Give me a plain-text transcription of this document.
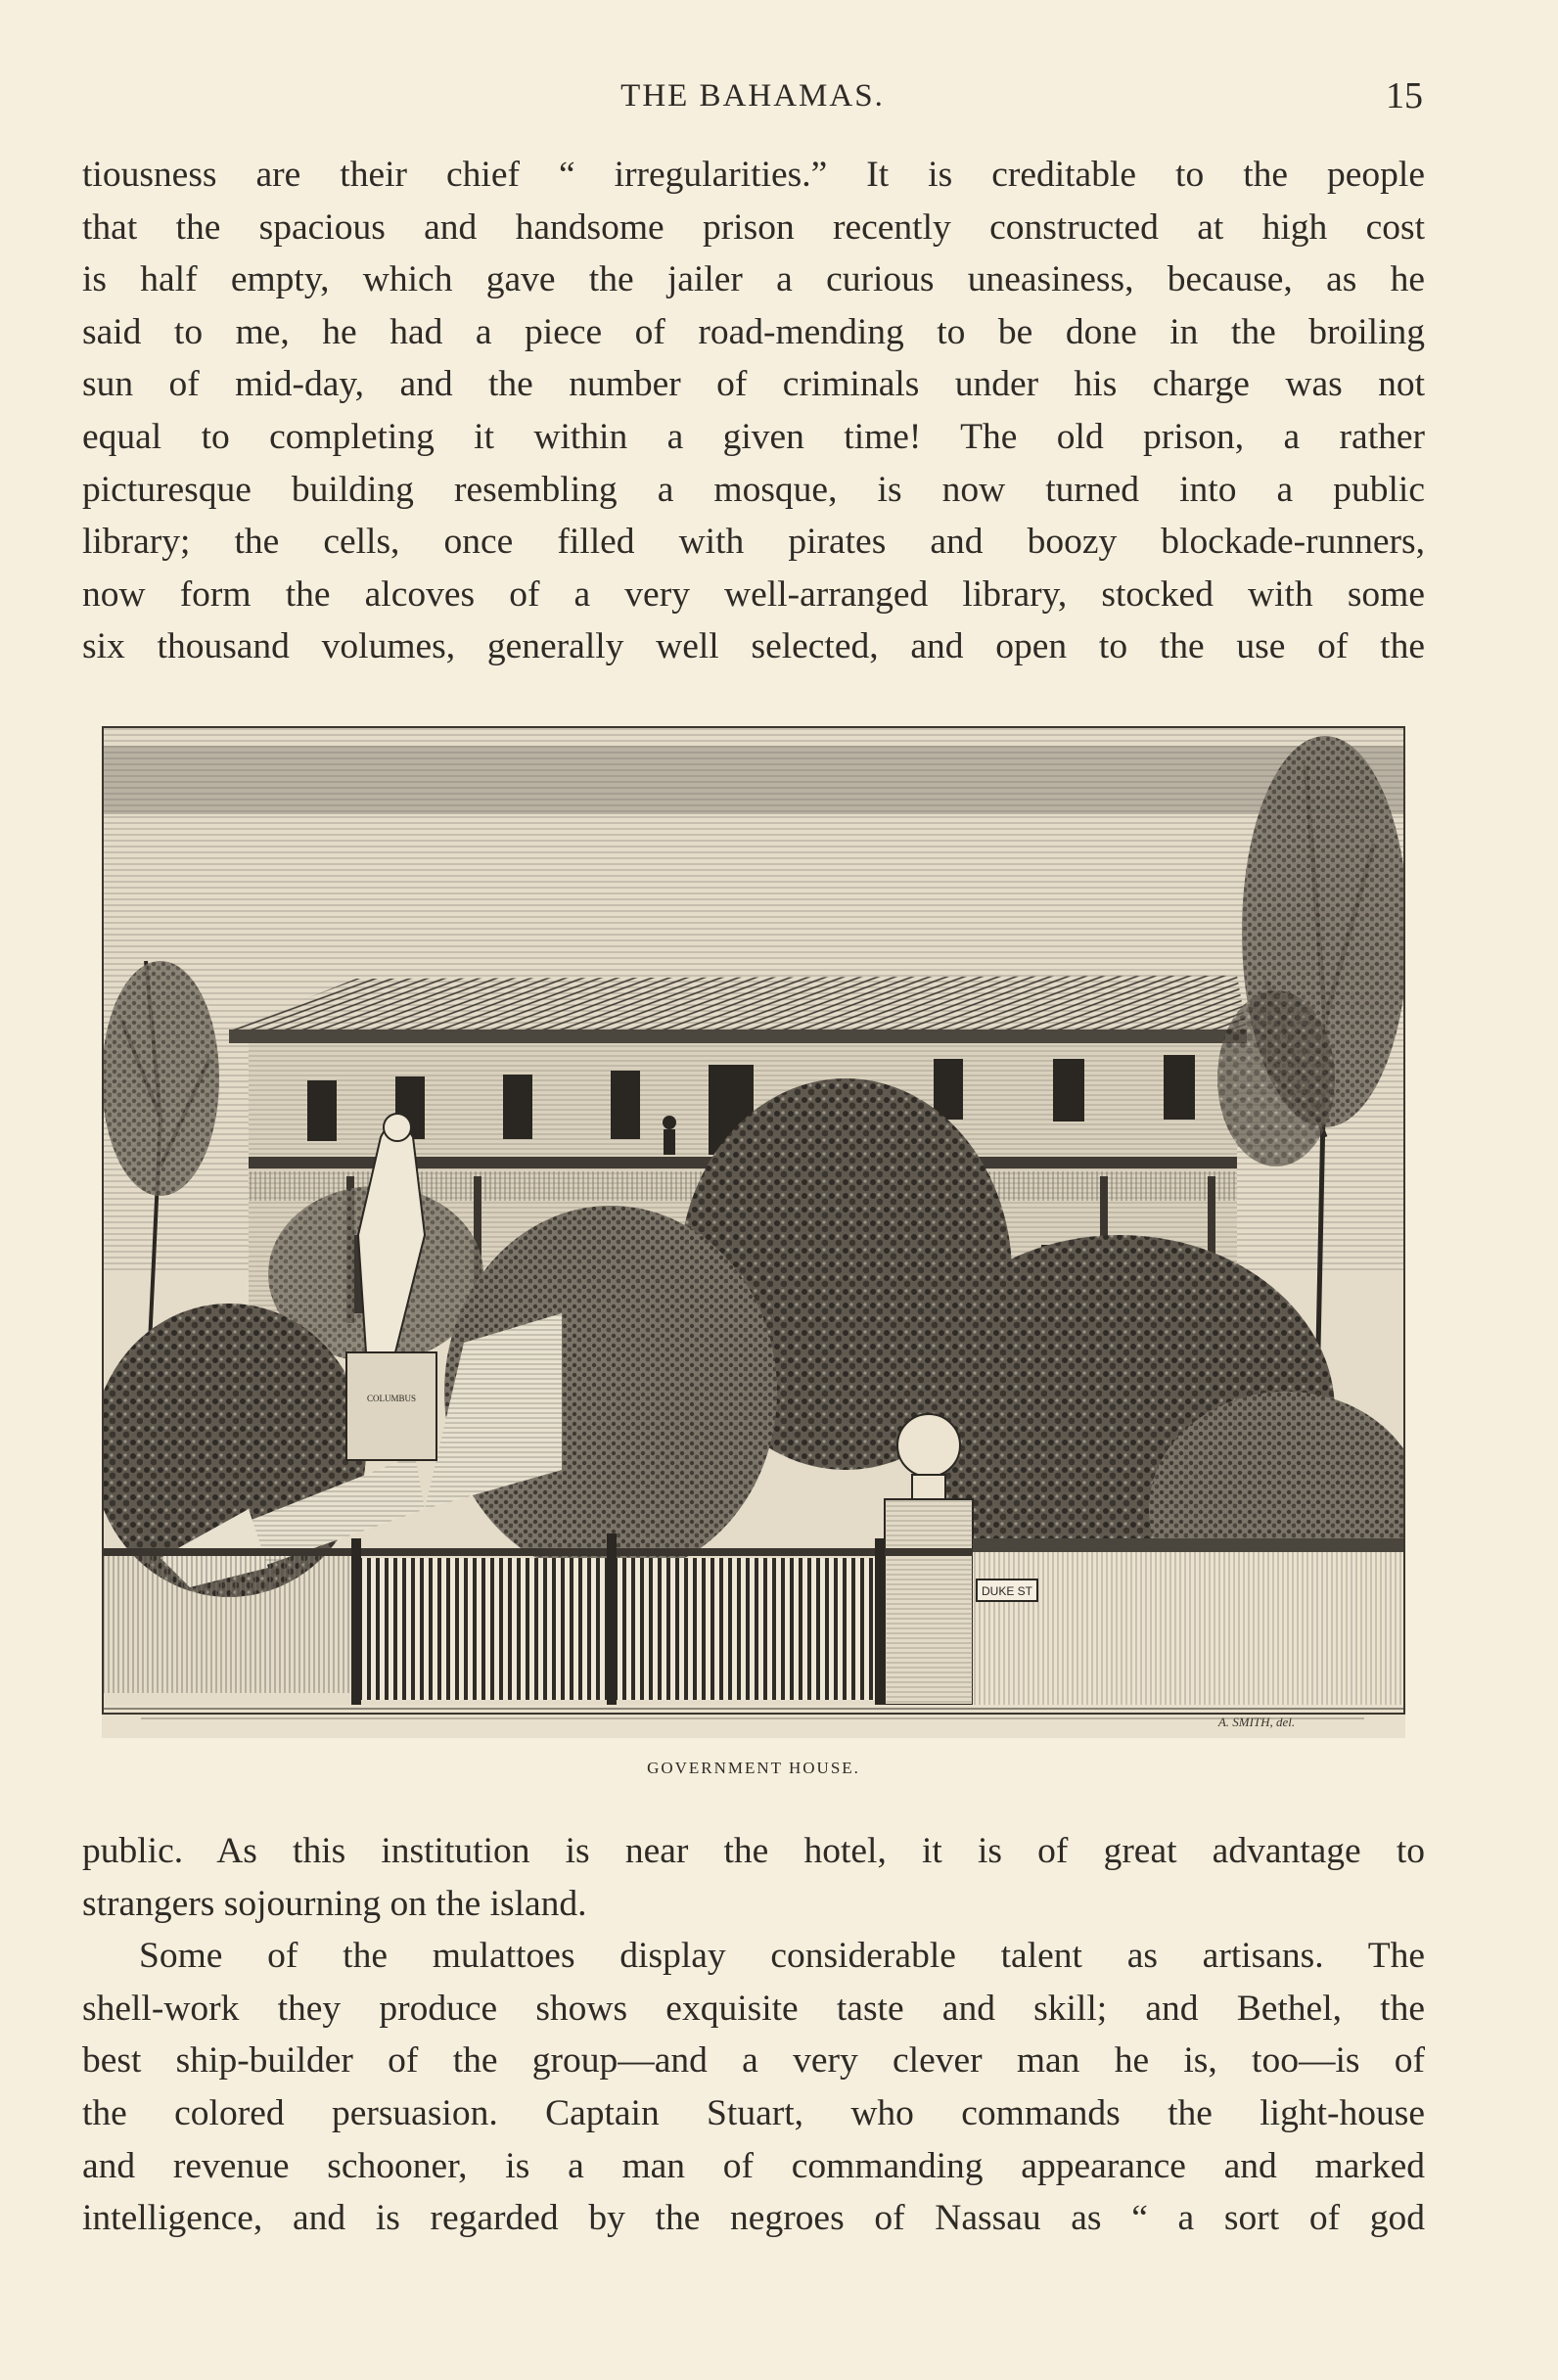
THE BAHAMAS.	15
tiousness are their chief “ irregularities.” It is creditable to the people
that the spacious and handsome prison recently constructed at high cost
is half empty, which gave the jailer a curious uneasiness, because, as he
said to me, he had a piece of road-mending to be done in the broiling
sun of mid-day, and the number of criminals under his charge was not
equal to completing it within a given time! The old prison, a rather
picturesque building resembling a mosque, is now turned into a public
library; the cells, once filled with pirates and boozy blockade-runners,
now form the alcoves of a very well-arranged library, stocked with some
six thousand volumes, generally well selected, and open to the use of the
COLUMBUS
DUKE ST
A. SMITH, del.
GOVERNMENT HOUSE.
public. As this institution is near the hotel, it is of great advantage to
strangers sojourning on the island.
Some of the mulattoes display considerable talent as artisans. The
shell-work they produce shows exquisite taste and skill; and Bethel, the
best ship-builder of the group—and a very clever man he is, too—is of
the colored persuasion. Captain Stuart, who commands the light-house
and revenue schooner, is a man of commanding appearance and marked
intelligence, and is regarded by the negroes of Nassau as “ a sort of god
